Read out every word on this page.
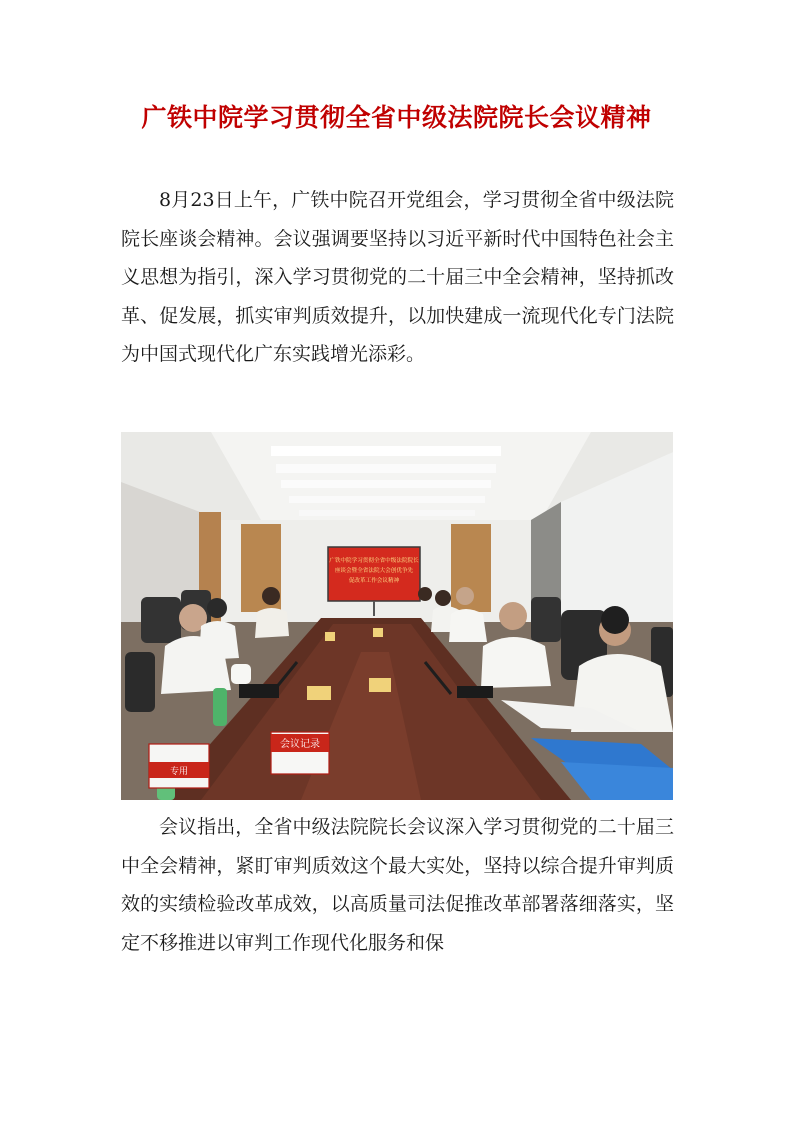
广铁中院学习贯彻全省中级法院院长会议精神

8月23日上午，广铁中院召开党组会，学习贯彻全省中级法院院长座谈会精神。会议强调要坚持以习近平新时代中国特色社会主义思想为指引，深入学习贯彻党的二十届三中全会精神，坚持抓改革、促发展，抓实审判质效提升，以加快建成一流现代化专门法院为中国式现代化广东实践增光添彩。

广铁中院学习贯彻全省中级法院院长
座谈会暨全省法院大会创优争先
促改革工作会议精神
会议记录
专用

会议指出，全省中级法院院长会议深入学习贯彻党的二十届三中全会精神，紧盯审判质效这个最大实处，坚持以综合提升审判质效的实绩检验改革成效，以高质量司法促推改革部署落细落实，坚定不移推进以审判工作现代化服务和保
